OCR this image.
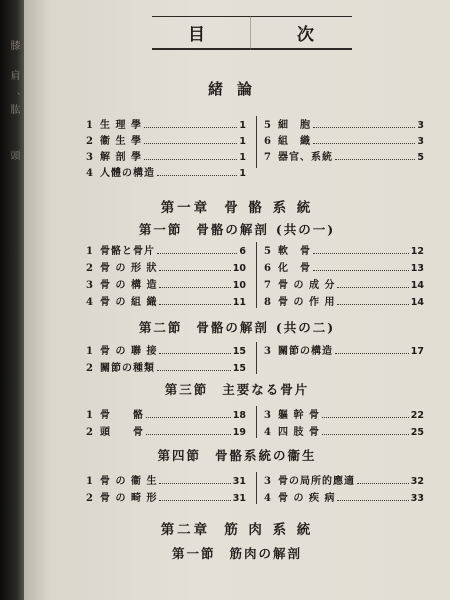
膝
肩
、
肱
頭
目	次
緒論
1 生 理 學	1
2 衞 生 學	1
3 解 剖 學	1
4 人體の構造	1
5 細　胞	3
6 組　織	3
7 器官、系統	5
第一章 骨 骼 系 統
第一節 骨骼の解剖 (共の一)
1 骨骼と骨片	6
2 骨 の 形 狀	10
3 骨 の 構 造	10
4 骨 の 組 織	11
5 軟　骨	12
6 化　骨	13
7 骨 の 成 分	14
8 骨 の 作 用	14
第二節 骨骼の解剖 (共の二)
1 骨 の 聯 接	15
2 關節の種類	15
3 關節の構造	17
第三節 主要なる骨片
1 骨　　骼	18
2 頭　　骨	19
3 軀 幹 骨	22
4 四 肢 骨	25
第四節 骨骼系統の衞生
1 骨 の 衞 生	31
2 骨 の 畸 形	31
3 骨の局所的應適	32
4 骨 の 疾 病	33
第二章 筋 肉 系 統
第一節 筋肉の解剖
